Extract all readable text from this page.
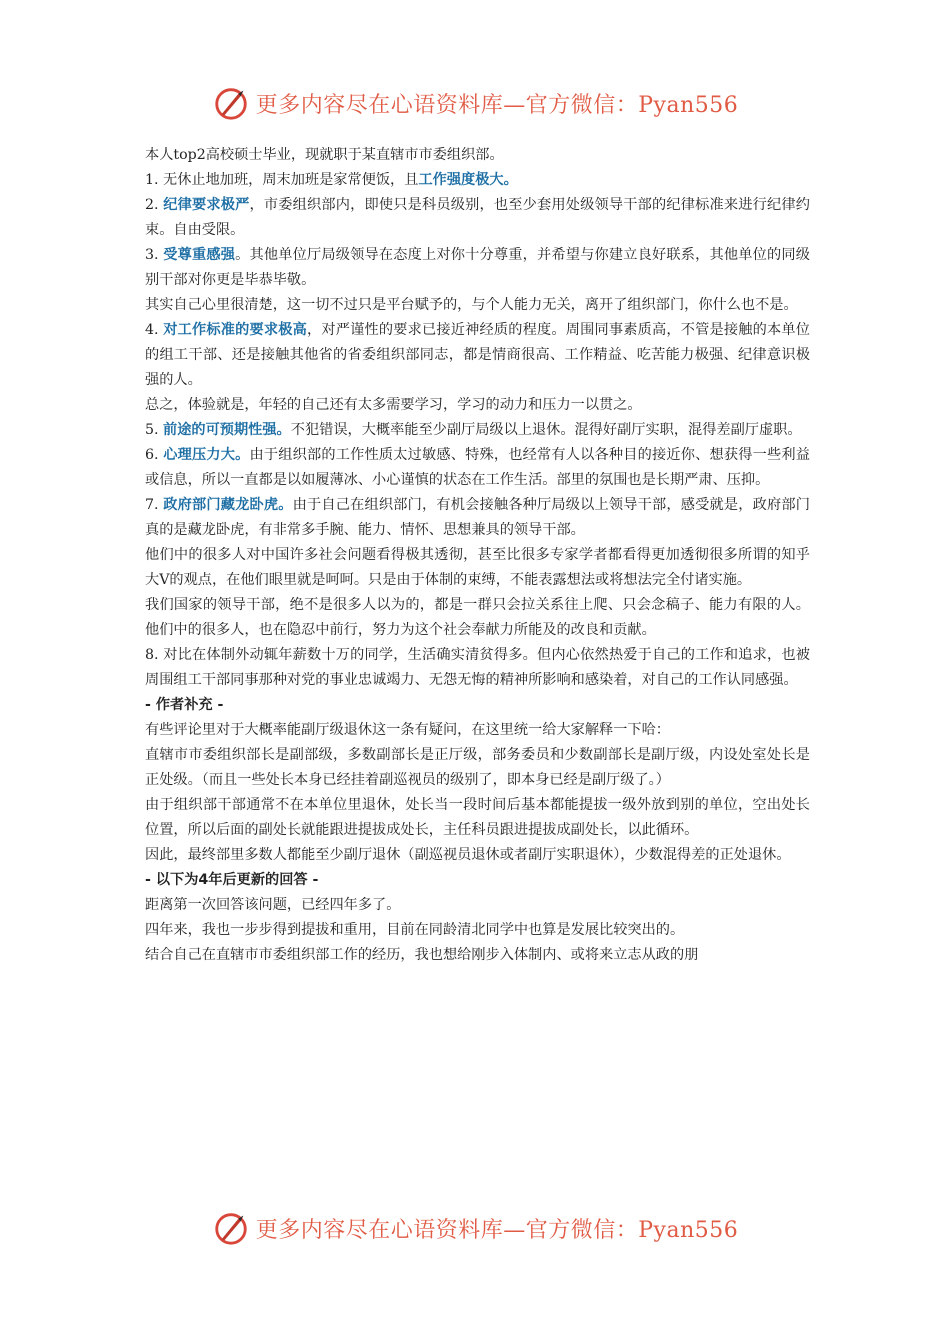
更多内容尽在心语资料库—官方微信：Pyan556

本人top2高校硕士毕业，现就职于某直辖市市委组织部。

1. 无休止地加班，周末加班是家常便饭，且工作强度极大。

2. 纪律要求极严，市委组织部内，即使只是科员级别，也至少套用处级领导干部的纪律标准来进行纪律约束。自由受限。

3. 受尊重感强。其他单位厅局级领导在态度上对你十分尊重，并希望与你建立良好联系，其他单位的同级别干部对你更是毕恭毕敬。

其实自己心里很清楚，这一切不过只是平台赋予的，与个人能力无关，离开了组织部门，你什么也不是。

4. 对工作标准的要求极高，对严谨性的要求已接近神经质的程度。周围同事素质高，不管是接触的本单位的组工干部、还是接触其他省的省委组织部同志，都是情商很高、工作精益、吃苦能力极强、纪律意识极强的人。

总之，体验就是，年轻的自己还有太多需要学习，学习的动力和压力一以贯之。

5. 前途的可预期性强。不犯错误，大概率能至少副厅局级以上退休。混得好副厅实职，混得差副厅虚职。

6. 心理压力大。由于组织部的工作性质太过敏感、特殊，也经常有人以各种目的接近你、想获得一些利益或信息，所以一直都是以如履薄冰、小心谨慎的状态在工作生活。部里的氛围也是长期严肃、压抑。

7. 政府部门藏龙卧虎。由于自己在组织部门，有机会接触各种厅局级以上领导干部，感受就是，政府部门真的是藏龙卧虎，有非常多手腕、能力、情怀、思想兼具的领导干部。

他们中的很多人对中国许多社会问题看得极其透彻，甚至比很多专家学者都看得更加透彻很多所谓的知乎大V的观点，在他们眼里就是呵呵。只是由于体制的束缚，不能表露想法或将想法完全付诸实施。

我们国家的领导干部，绝不是很多人以为的，都是一群只会拉关系往上爬、只会念稿子、能力有限的人。他们中的很多人，也在隐忍中前行，努力为这个社会奉献力所能及的改良和贡献。

8. 对比在体制外动辄年薪数十万的同学，生活确实清贫得多。但内心依然热爱于自己的工作和追求，也被周围组工干部同事那种对党的事业忠诚竭力、无怨无悔的精神所影响和感染着，对自己的工作认同感强。

- 作者补充 -

有些评论里对于大概率能副厅级退休这一条有疑问，在这里统一给大家解释一下哈：

直辖市市委组织部长是副部级，多数副部长是正厅级，部务委员和少数副部长是副厅级，内设处室处长是正处级。（而且一些处长本身已经挂着副巡视员的级别了，即本身已经是副厅级了。）

由于组织部干部通常不在本单位里退休，处长当一段时间后基本都能提拔一级外放到别的单位，空出处长位置，所以后面的副处长就能跟进提拔成处长，主任科员跟进提拔成副处长，以此循环。

因此，最终部里多数人都能至少副厅退休（副巡视员退休或者副厅实职退休），少数混得差的正处退休。

- 以下为4年后更新的回答 -

距离第一次回答该问题，已经四年多了。

四年来，我也一步步得到提拔和重用，目前在同龄清北同学中也算是发展比较突出的。

结合自己在直辖市市委组织部工作的经历，我也想给刚步入体制内、或将来立志从政的朋

更多内容尽在心语资料库—官方微信：Pyan556
